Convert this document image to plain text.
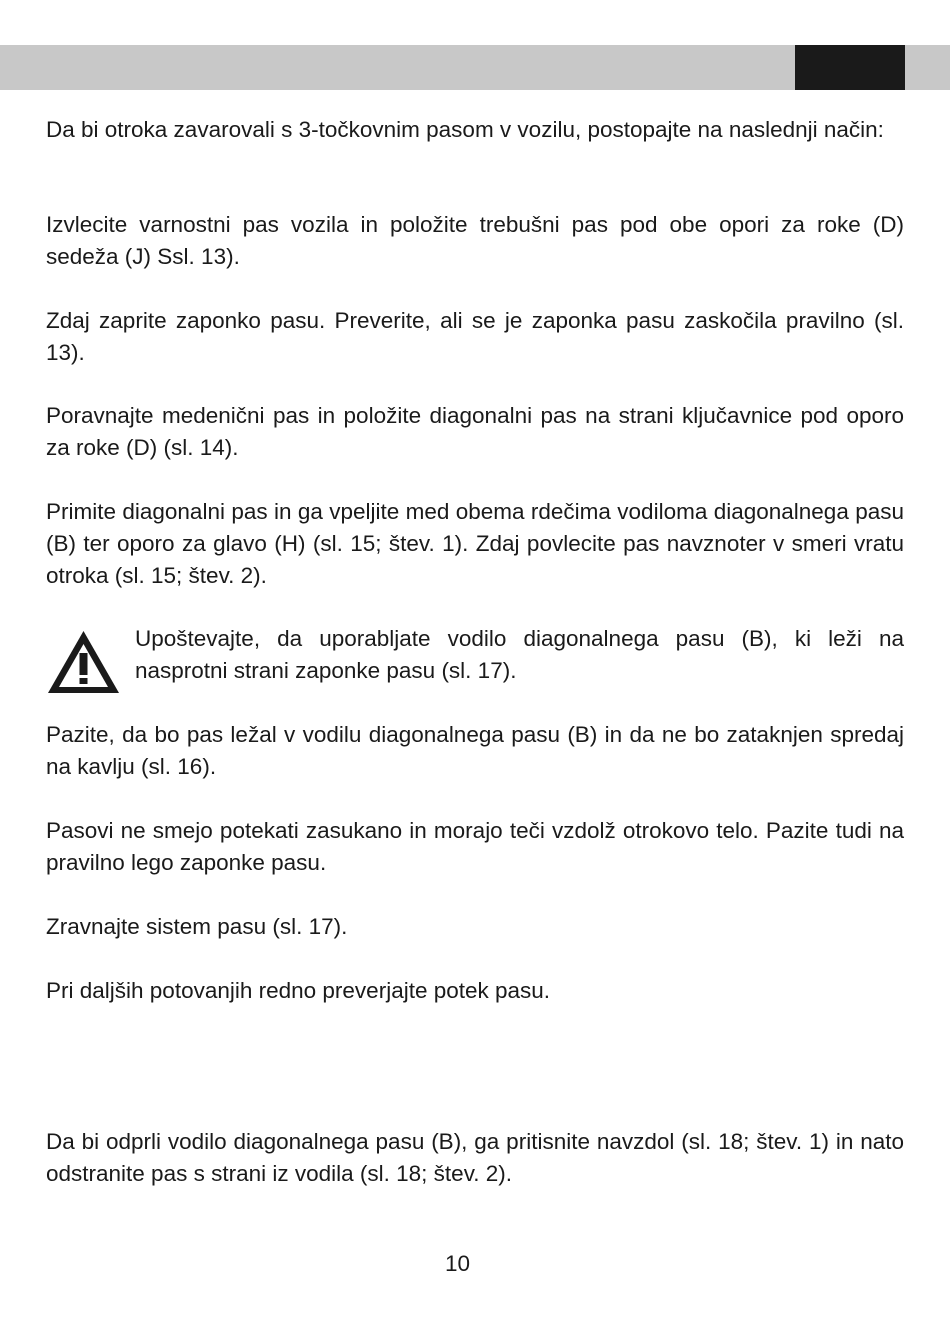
Da bi otroka zavarovali s 3-točkovnim pasom v vozilu, postopajte na naslednji način:

Izvlecite varnostni pas vozila in položite trebušni pas pod obe opori za roke (D) sedeža (J) Ssl. 13).

Zdaj zaprite zaponko pasu. Preverite, ali se je zaponka pasu zaskočila pravilno (sl. 13).

Poravnajte medenični pas in položite diagonalni pas na strani ključavnice pod oporo za roke (D) (sl. 14).

Primite diagonalni pas in ga vpeljite med obema rdečima vodiloma diagonalnega pasu (B) ter oporo za glavo (H) (sl. 15; štev. 1). Zdaj povlecite pas navznoter v smeri vratu otroka (sl. 15; štev. 2).

Upoštevajte, da uporabljate vodilo diagonalnega pasu (B), ki leži na nasprotni strani zaponke pasu (sl. 17).

Pazite, da bo pas ležal v vodilu diagonalnega pasu (B) in da ne bo zataknjen spredaj na kavlju (sl. 16).

Pasovi ne smejo potekati zasukano in morajo teči vzdolž otrokovo telo. Pazite tudi na pravilno lego zaponke pasu.

Zravnajte sistem pasu (sl. 17).

Pri daljših potovanjih redno preverjajte potek pasu.

Da bi odprli vodilo diagonalnega pasu (B), ga pritisnite navzdol (sl. 18; štev. 1) in nato odstranite pas s strani iz vodila (sl. 18; štev. 2).

10
